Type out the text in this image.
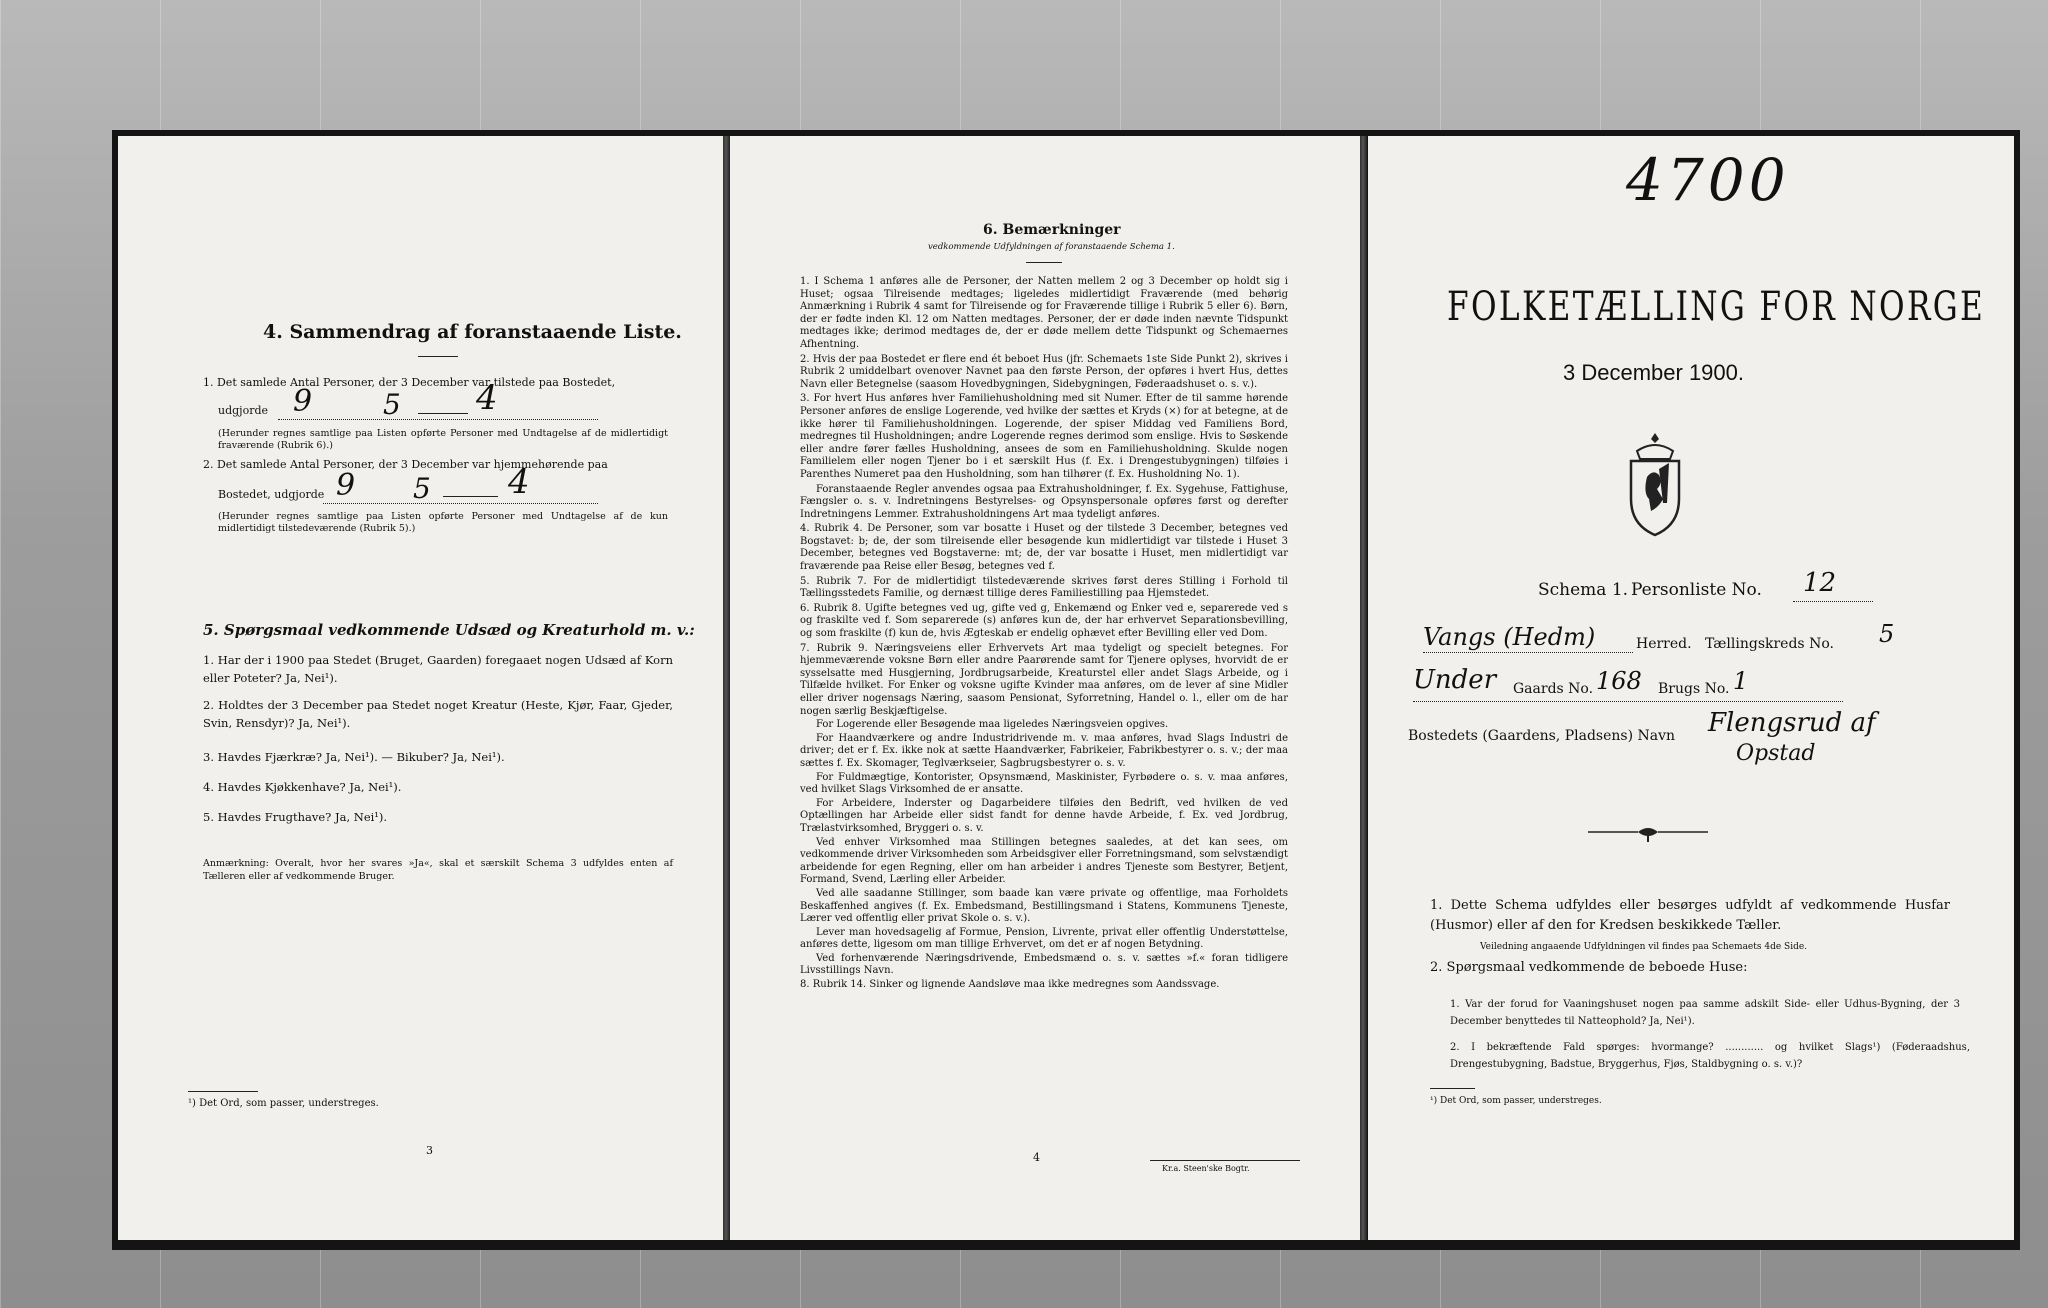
4. Sammendrag af foranstaaende Liste.
1. Det samlede Antal Personer, der 3 December var tilstede paa Bostedet,
udgjorde 9	5 4
(Herunder regnes samtlige paa Listen opførte Personer med Undtagelse af de midlertidigt fraværende (Rubrik 6).)
2. Det samlede Antal Personer, der 3 December var hjemmehørende paa
Bostedet, udgjorde 9 5 4
(Herunder regnes samtlige paa Listen opførte Personer med Undtagelse af de kun midlertidigt tilstedeværende (Rubrik 5).)
5. Spørgsmaal vedkommende Udsæd og Kreaturhold m. v.:
1. Har der i 1900 paa Stedet (Bruget, Gaarden) foregaaet nogen Udsæd af Korn eller Poteter? Ja, Nei¹).
2. Holdtes der 3 December paa Stedet noget Kreatur (Heste, Kjør, Faar, Gjeder, Svin, Rensdyr)? Ja, Nei¹).
3. Havdes Fjærkræ? Ja, Nei¹). — Bikuber? Ja, Nei¹).
4. Havdes Kjøkkenhave? Ja, Nei¹).
5. Havdes Frugthave? Ja, Nei¹).
Anmærkning: Overalt, hvor her svares »Ja«, skal et særskilt Schema 3 udfyldes enten af Tælleren eller af vedkommende Bruger.
¹) Det Ord, som passer, understreges.
3
6. Bemærkninger
vedkommende Udfyldningen af foranstaaende Schema 1.

1. I Schema 1 anføres alle de Personer, der Natten mellem 2 og 3 December op holdt sig i Huset; ogsaa Tilreisende medtages; ligeledes midlertidigt Fraværende (med behørig Anmærkning i Rubrik 4 samt for Tilreisende og for Fraværende tillige i Rubrik 5 eller 6). Børn, der er fødte inden Kl. 12 om Natten medtages. Personer, der er døde inden nævnte Tidspunkt medtages ikke; derimod medtages de, der er døde mellem dette Tidspunkt og Schemaernes Afhentning.

2. Hvis der paa Bostedet er flere end ét beboet Hus (jfr. Schemaets 1ste Side Punkt 2), skrives i Rubrik 2 umiddelbart ovenover Navnet paa den første Person, der opføres i hvert Hus, dettes Navn eller Betegnelse (saasom Hovedbygningen, Sidebygningen, Føderaadshuset o. s. v.).

3. For hvert Hus anføres hver Familiehusholdning med sit Numer. Efter de til samme hørende Personer anføres de enslige Logerende, ved hvilke der sættes et Kryds (×) for at betegne, at de ikke hører til Familiehusholdningen. Logerende, der spiser Middag ved Familiens Bord, medregnes til Husholdningen; andre Logerende regnes derimod som enslige. Hvis to Søskende eller andre fører fælles Husholdning, ansees de som en Familiehusholdning. Skulde nogen Familielem eller nogen Tjener bo i et særskilt Hus (f. Ex. i Drengestubygningen) tilføies i Parenthes Numeret paa den Husholdning, som han tilhører (f. Ex. Husholdning No. 1).

Foranstaaende Regler anvendes ogsaa paa Extrahusholdninger, f. Ex. Sygehuse, Fattighuse, Fængsler o. s. v. Indretningens Bestyrelses- og Opsynspersonale opføres først og derefter Indretningens Lemmer. Extrahusholdningens Art maa tydeligt anføres.

4. Rubrik 4. De Personer, som var bosatte i Huset og der tilstede 3 December, betegnes ved Bogstavet: b; de, der som tilreisende eller besøgende kun midlertidigt var tilstede i Huset 3 December, betegnes ved Bogstaverne: mt; de, der var bosatte i Huset, men midlertidigt var fraværende paa Reise eller Besøg, betegnes ved f.

5. Rubrik 7. For de midlertidigt tilstedeværende skrives først deres Stilling i Forhold til Tællingsstedets Familie, og dernæst tillige deres Familiestilling paa Hjemstedet.

6. Rubrik 8. Ugifte betegnes ved ug, gifte ved g, Enkemænd og Enker ved e, separerede ved s og fraskilte ved f. Som separerede (s) anføres kun de, der har erhvervet Separationsbevilling, og som fraskilte (f) kun de, hvis Ægteskab er endelig ophævet efter Bevilling eller ved Dom.

7. Rubrik 9. Næringsveiens eller Erhvervets Art maa tydeligt og specielt betegnes. For hjemmeværende voksne Børn eller andre Paarørende samt for Tjenere oplyses, hvorvidt de er sysselsatte med Husgjerning, Jordbrugsarbeide, Kreaturstel eller andet Slags Arbeide, og i Tilfælde hvilket. For Enker og voksne ugifte Kvinder maa anføres, om de lever af sine Midler eller driver nogensags Næring, saasom Pensionat, Syforretning, Handel o. l., eller om de har nogen særlig Beskjæftigelse.

For Logerende eller Besøgende maa ligeledes Næringsveien opgives.

For Haandværkere og andre Industridrivende m. v. maa anføres, hvad Slags Industri de driver; det er f. Ex. ikke nok at sætte Haandværker, Fabrikeier, Fabrikbestyrer o. s. v.; der maa sættes f. Ex. Skomager, Teglværkseier, Sagbrugsbestyrer o. s. v.

For Fuldmægtige, Kontorister, Opsynsmænd, Maskinister, Fyrbødere o. s. v. maa anføres, ved hvilket Slags Virksomhed de er ansatte.

For Arbeidere, Inderster og Dagarbeidere tilføies den Bedrift, ved hvilken de ved Optællingen har Arbeide eller sidst fandt for denne havde Arbeide, f. Ex. ved Jordbrug, Trælastvirksomhed, Bryggeri o. s. v.

Ved enhver Virksomhed maa Stillingen betegnes saaledes, at det kan sees, om vedkommende driver Virksomheden som Arbeidsgiver eller Forretningsmand, som selvstændigt arbeidende for egen Regning, eller om han arbeider i andres Tjeneste som Bestyrer, Betjent, Formand, Svend, Lærling eller Arbeider.

Ved alle saadanne Stillinger, som baade kan være private og offentlige, maa Forholdets Beskaffenhed angives (f. Ex. Embedsmand, Bestillingsmand i Statens, Kommunens Tjeneste, Lærer ved offentlig eller privat Skole o. s. v.).

Lever man hovedsagelig af Formue, Pension, Livrente, privat eller offentlig Understøttelse, anføres dette, ligesom om man tillige Erhvervet, om det er af nogen Betydning.

Ved forhenværende Næringsdrivende, Embedsmænd o. s. v. sættes »f.« foran tidligere Livsstillings Navn.

8. Rubrik 14. Sinker og lignende Aandsløve maa ikke medregnes som Aandssvage.

4
Kr.a. Steen'ske Bogtr.
4700
FOLKETÆLLING FOR NORGE
3 December 1900.
Schema 1. Personliste No. 12
Vangs (Hedm)	Herred. Tællingskreds No. 5
Under Gaards No. 168 Brugs No. 1
Bostedets (Gaardens, Pladsens) Navn Flengsrud af
Opstad
1. Dette Schema udfyldes eller besørges udfyldt af vedkommende Husfar (Husmor) eller af den for Kredsen beskikkede Tæller.
Veiledning angaaende Udfyldningen vil findes paa Schemaets 4de Side.
2. Spørgsmaal vedkommende de beboede Huse:
1. Var der forud for Vaaningshuset nogen paa samme adskilt Side- eller Udhus-Bygning, der 3 December benyttedes til Natteophold? Ja, Nei¹).
2. I bekræftende Fald spørges: hvormange? ............ og hvilket Slags¹) (Føderaadshus, Drengestubygning, Badstue, Bryggerhus, Fjøs, Staldbygning o. s. v.)?
¹) Det Ord, som passer, understreges.
